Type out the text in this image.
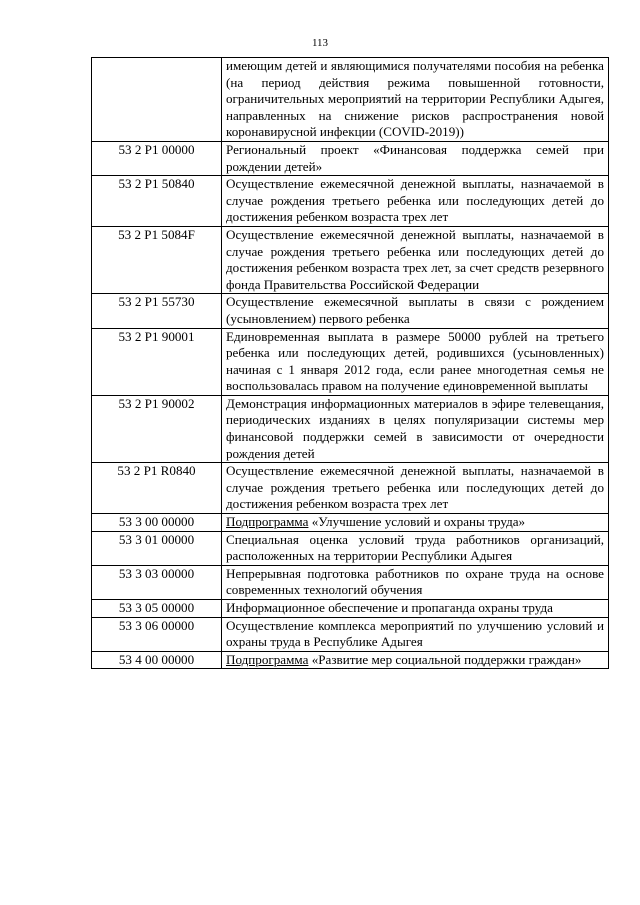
113
	имеющим детей и являющимися получателями пособия на ребенка (на период действия режима повышенной готовности, ограничительных мероприятий на территории Республики Адыгея, направленных на снижение рисков распространения новой коронавирусной инфекции (COVID-2019))
53 2 P1 00000	Региональный проект «Финансовая поддержка семей при рождении детей»
53 2 P1 50840	Осуществление ежемесячной денежной выплаты, назначаемой в случае рождения третьего ребенка или последующих детей до достижения ребенком возраста трех лет
53 2 P1 5084F	Осуществление ежемесячной денежной выплаты, назначаемой в случае рождения третьего ребенка или последующих детей до достижения ребенком возраста трех лет, за счет средств резервного фонда Правительства Российской Федерации
53 2 P1 55730	Осуществление ежемесячной выплаты в связи с рождением (усыновлением) первого ребенка
53 2 P1 90001	Единовременная выплата в размере 50000 рублей на третьего ребенка или последующих детей, родившихся (усыновленных) начиная с 1 января 2012 года, если ранее многодетная семья не воспользовалась правом на получение единовременной выплаты
53 2 P1 90002	Демонстрация информационных материалов в эфире телевещания, периодических изданиях в целях популяризации системы мер финансовой поддержки семей в зависимости от очередности рождения детей
53 2 P1 R0840	Осуществление ежемесячной денежной выплаты, назначаемой в случае рождения третьего ребенка или последующих детей до достижения ребенком возраста трех лет
53 3 00 00000	Подпрограмма «Улучшение условий и охраны труда»
53 3 01 00000	Специальная оценка условий труда работников организаций, расположенных на территории Республики Адыгея
53 3 03 00000	Непрерывная подготовка работников по охране труда на основе современных технологий обучения
53 3 05 00000	Информационное обеспечение и пропаганда охраны труда
53 3 06 00000	Осуществление комплекса мероприятий по улучшению условий и охраны труда в Республике Адыгея
53 4 00 00000	Подпрограмма «Развитие мер социальной поддержки граждан»
